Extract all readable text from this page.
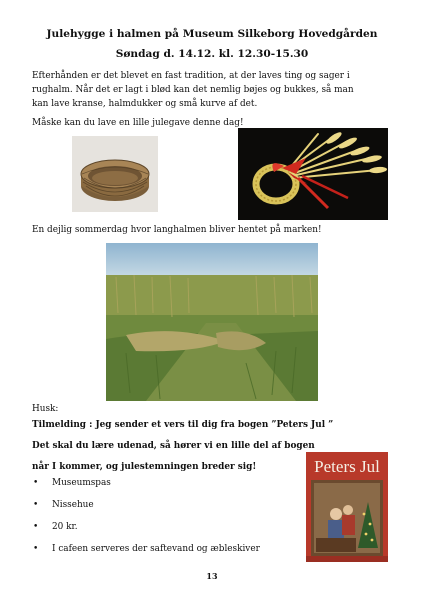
Julehygge i halmen på Museum Silkeborg Hovedgården
Søndag d. 14.12. kl. 12.30-15.30
Efterhånden er det blevet en fast tradition, at der laves ting og sager i
rughalm. Når det er lagt i blød kan det nemlig bøjes og bukkes, så man
kan lave kranse, halmdukker og små kurve af det.
Måske kan du lave en lille julegave denne dag!
En dejlig sommerdag hvor langhalmen bliver hentet på marken!
Husk:
Tilmelding : Jeg sender et vers til dig fra bogen ”Peters Jul ”
Det skal du lære udenad, så hører vi en lille del af bogen
når I kommer, og julestemningen breder sig!
• Museumspas
• Nissehue
• 20 kr.
• I cafeen serveres der saftevand og æbleskiver
Peters Jul
13
